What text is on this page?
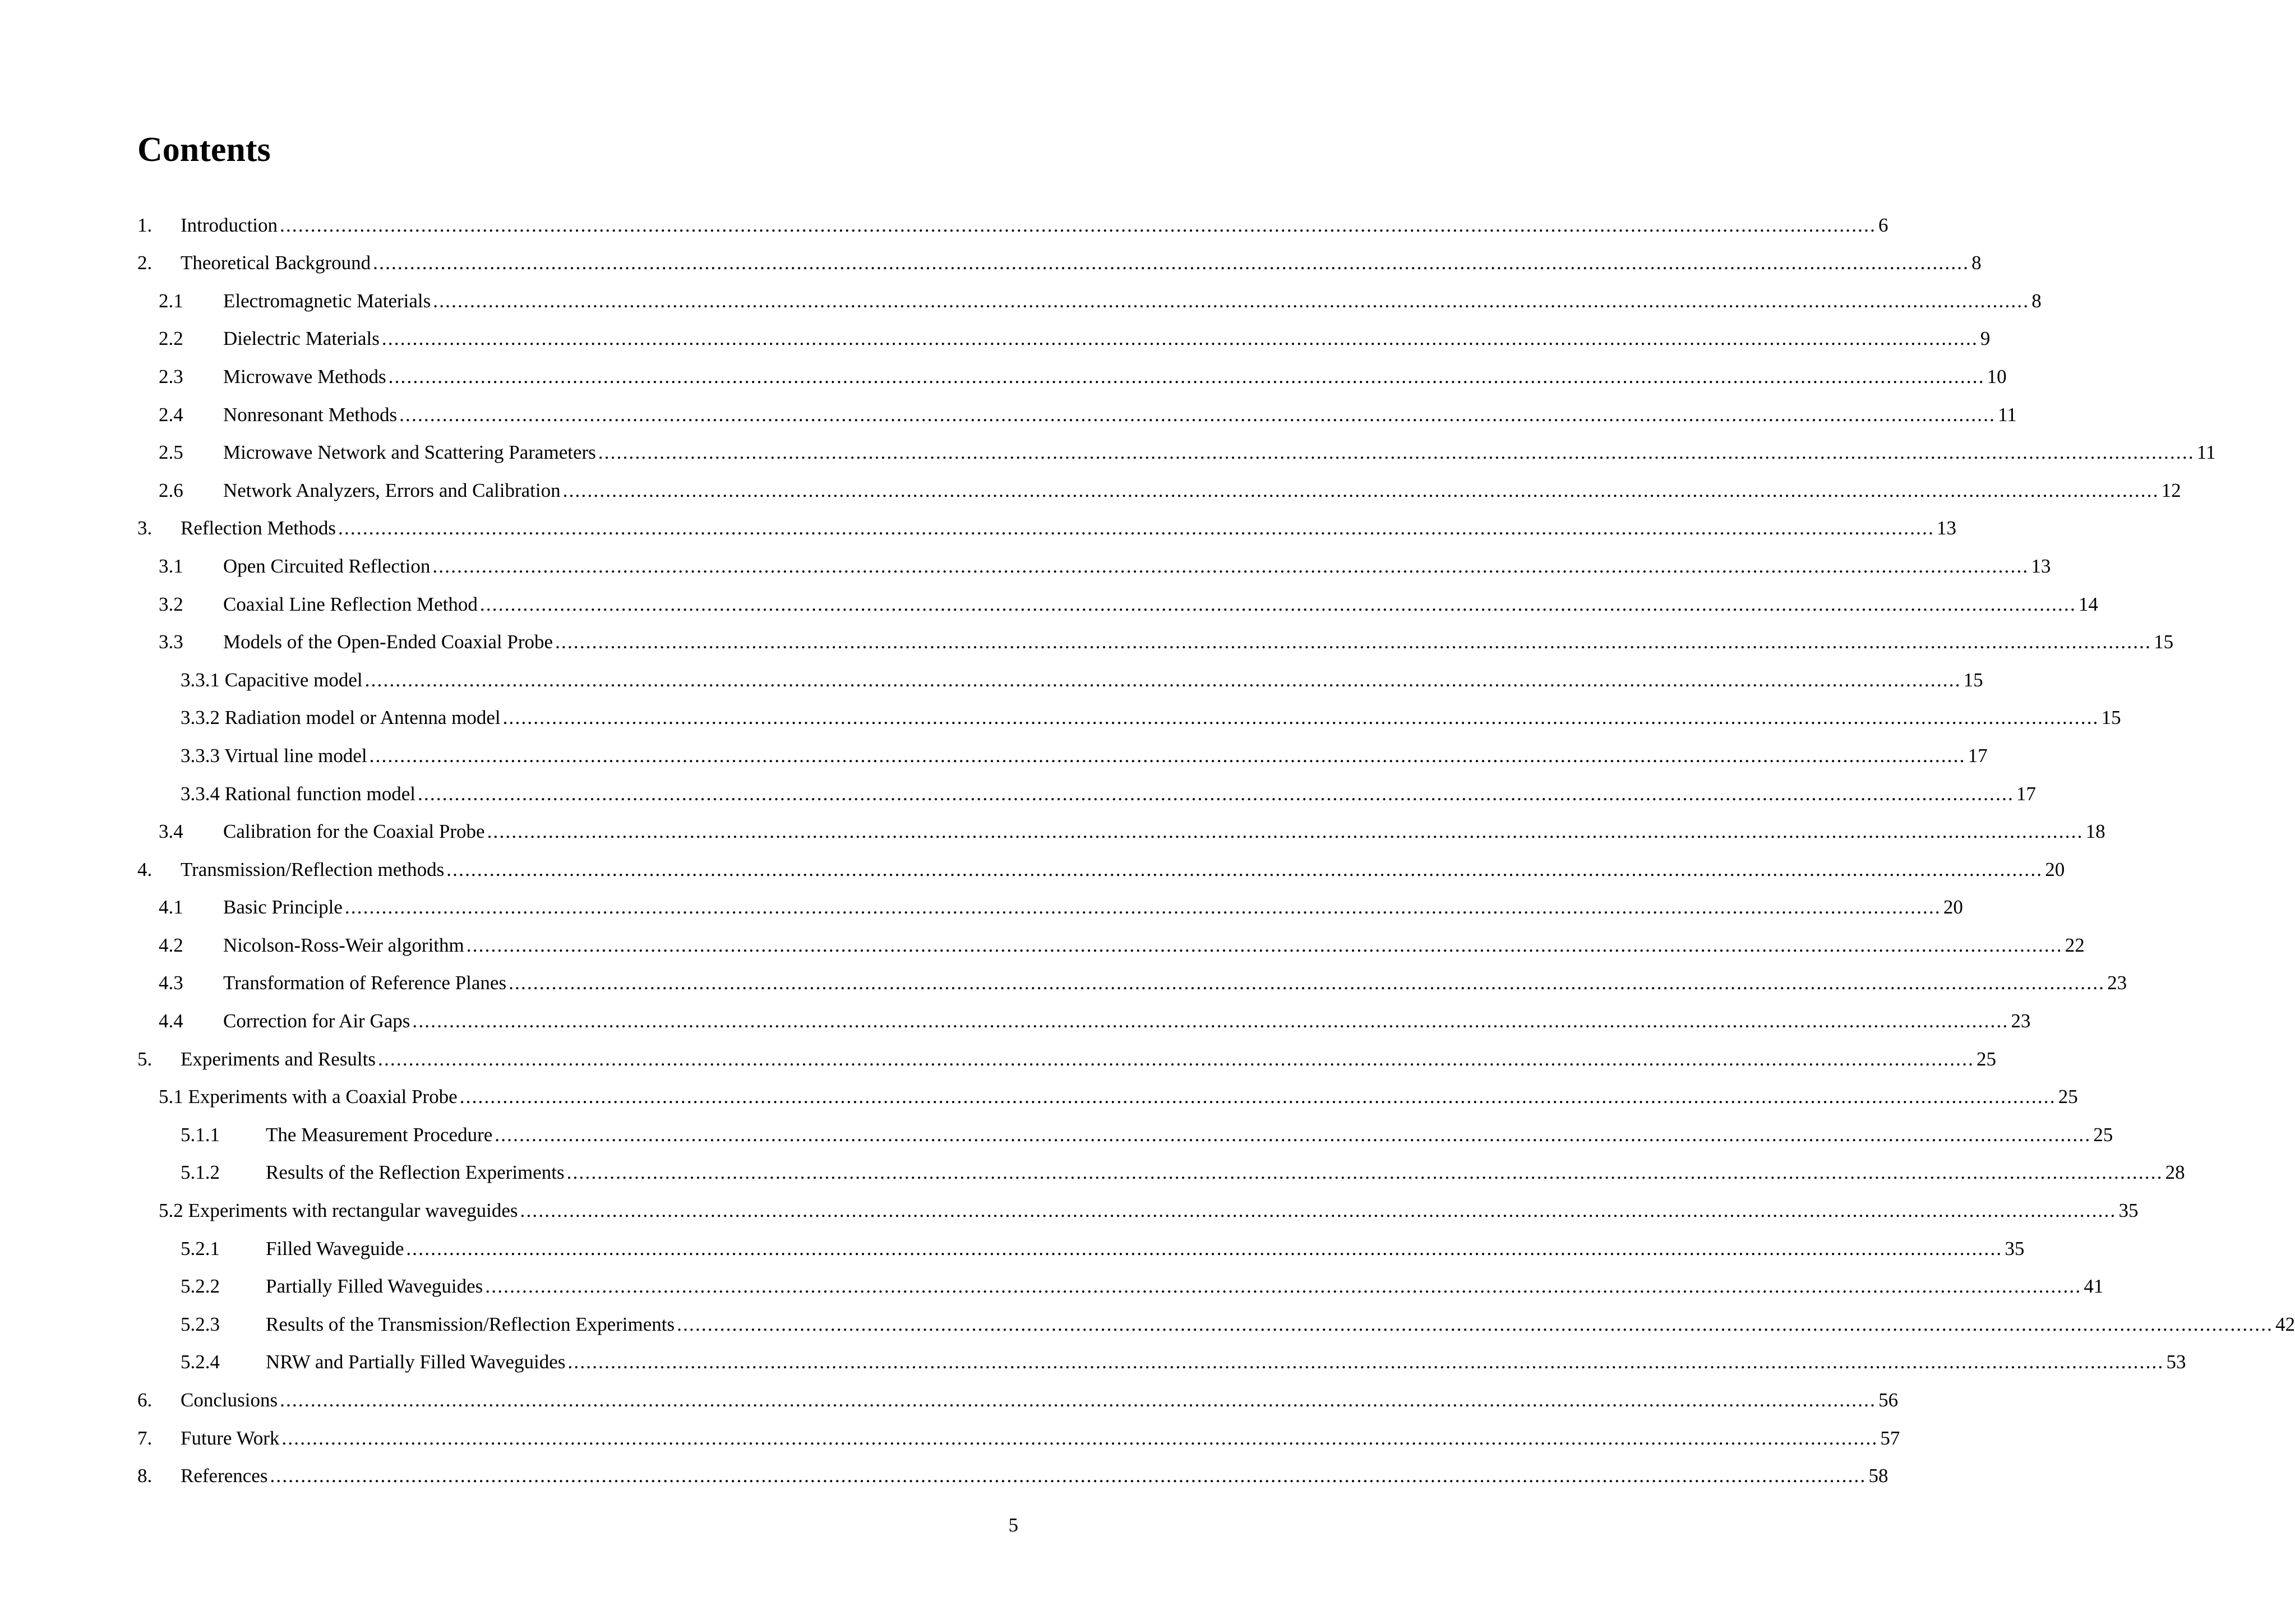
Contents
1. Introduction .................................................................................................................................................................................................................................................................... 6
2. Theoretical Background .................................................................................................................................................................................................................................................................... 8
2.1 Electromagnetic Materials .................................................................................................................................................................................................................................................................... 8
2.2 Dielectric Materials .................................................................................................................................................................................................................................................................... 9
2.3 Microwave Methods .................................................................................................................................................................................................................................................................... 10
2.4 Nonresonant Methods .................................................................................................................................................................................................................................................................... 11
2.5 Microwave Network and Scattering Parameters .................................................................................................................................................................................................................................................................... 11
2.6 Network Analyzers, Errors and Calibration .................................................................................................................................................................................................................................................................... 12
3. Reflection Methods .................................................................................................................................................................................................................................................................... 13
3.1 Open Circuited Reflection .................................................................................................................................................................................................................................................................... 13
3.2 Coaxial Line Reflection Method .................................................................................................................................................................................................................................................................... 14
3.3 Models of the Open-Ended Coaxial Probe .................................................................................................................................................................................................................................................................... 15
3.3.1 Capacitive model .................................................................................................................................................................................................................................................................... 15
3.3.2 Radiation model or Antenna model .................................................................................................................................................................................................................................................................... 15
3.3.3 Virtual line model .................................................................................................................................................................................................................................................................... 17
3.3.4 Rational function model .................................................................................................................................................................................................................................................................... 17
3.4 Calibration for the Coaxial Probe .................................................................................................................................................................................................................................................................... 18
4. Transmission/Reflection methods .................................................................................................................................................................................................................................................................... 20
4.1 Basic Principle .................................................................................................................................................................................................................................................................... 20
4.2 Nicolson-Ross-Weir algorithm .................................................................................................................................................................................................................................................................... 22
4.3 Transformation of Reference Planes .................................................................................................................................................................................................................................................................... 23
4.4 Correction for Air Gaps .................................................................................................................................................................................................................................................................... 23
5. Experiments and Results .................................................................................................................................................................................................................................................................... 25
5.1 Experiments with a Coaxial Probe .................................................................................................................................................................................................................................................................... 25
5.1.1 The Measurement Procedure .................................................................................................................................................................................................................................................................... 25
5.1.2 Results of the Reflection Experiments .................................................................................................................................................................................................................................................................... 28
5.2 Experiments with rectangular waveguides .................................................................................................................................................................................................................................................................... 35
5.2.1 Filled Waveguide .................................................................................................................................................................................................................................................................... 35
5.2.2 Partially Filled Waveguides .................................................................................................................................................................................................................................................................... 41
5.2.3 Results of the Transmission/Reflection Experiments .................................................................................................................................................................................................................................................................... 42
5.2.4 NRW and Partially Filled Waveguides .................................................................................................................................................................................................................................................................... 53
6. Conclusions .................................................................................................................................................................................................................................................................... 56
7. Future Work .................................................................................................................................................................................................................................................................... 57
8. References .................................................................................................................................................................................................................................................................... 58
5
